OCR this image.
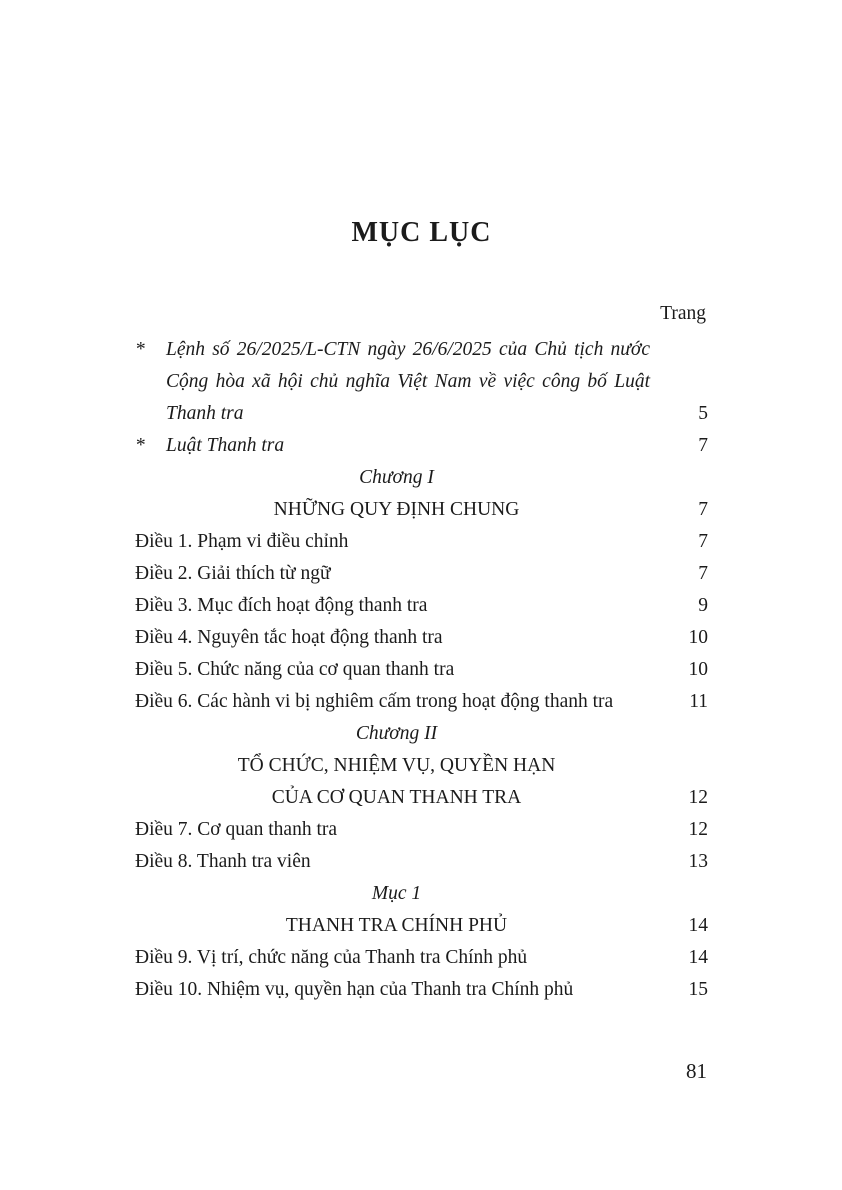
MỤC LỤC
Trang
*	Lệnh số 26/2025/L-CTN ngày 26/6/2025 của Chủ tịch nước Cộng hòa xã hội chủ nghĩa Việt Nam về việc công bố Luật Thanh tra	5
*	Luật Thanh tra	7
Chương I
NHỮNG QUY ĐỊNH CHUNG	7
Điều 1. Phạm vi điều chỉnh	7
Điều 2. Giải thích từ ngữ	7
Điều 3. Mục đích hoạt động thanh tra	9
Điều 4. Nguyên tắc hoạt động thanh tra	10
Điều 5. Chức năng của cơ quan thanh tra	10
Điều 6. Các hành vi bị nghiêm cấm trong hoạt động thanh tra	11
Chương II
TỔ CHỨC, NHIỆM VỤ, QUYỀN HẠN
CỦA CƠ QUAN THANH TRA	12
Điều 7. Cơ quan thanh tra	12
Điều 8. Thanh tra viên	13
Mục 1
THANH TRA CHÍNH PHỦ	14
Điều 9. Vị trí, chức năng của Thanh tra Chính phủ	14
Điều 10. Nhiệm vụ, quyền hạn của Thanh tra Chính phủ	15
81
